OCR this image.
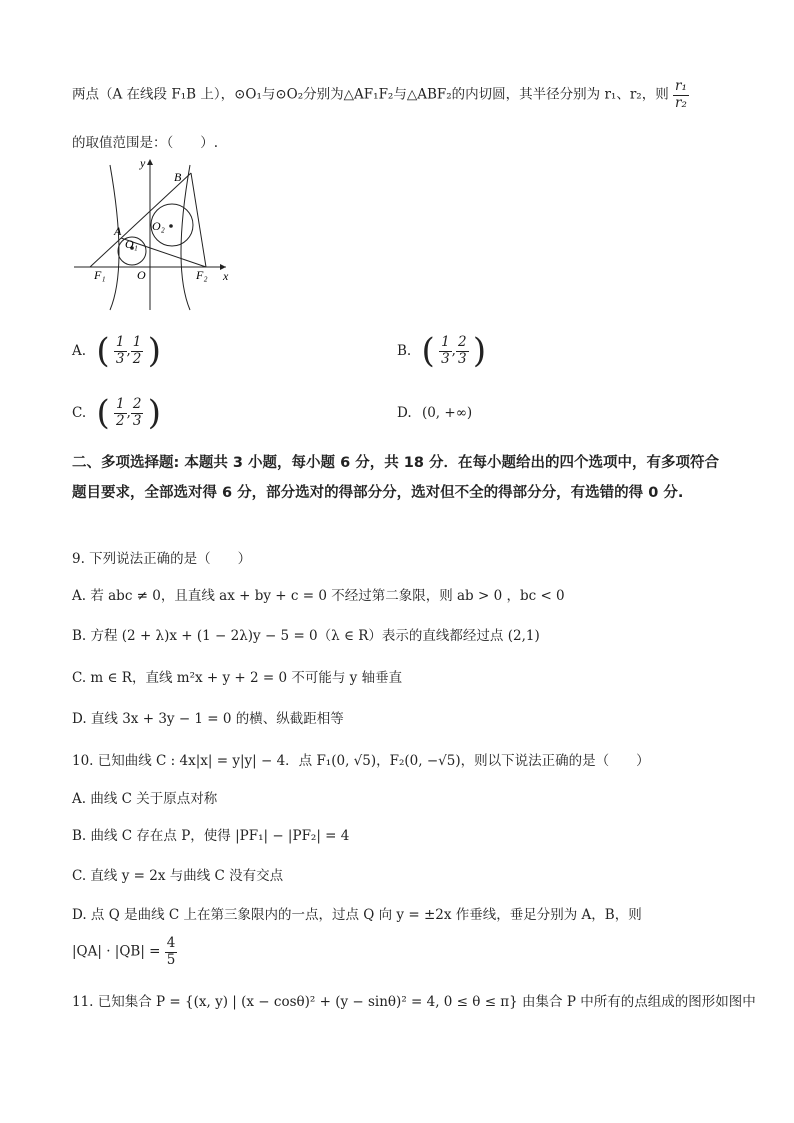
两点（A 在线段 F₁B 上），⊙O₁与⊙O₂分别为△AF₁F₂与△ABF₂的内切圆，其半径分别为 r₁、r₂，则 $\frac{\text{r₁}}{\text{r₂}}$
的取值范围是：（　　）.
y
x
B
A	O₂
O₁
O
F₁	F₂
A. ( $\frac{1}{3}$ , $\frac{1}{2}$ )	B. ( $\frac{1}{3}$ , $\frac{2}{3}$ )
C. ( $\frac{1}{2}$ , $\frac{2}{3}$ )	D. (0, +∞)
二、多项选择题: 本题共 3 小题，每小题 6 分，共 18 分．在每小题给出的四个选项中，有多项符合题目要求，全部选对得 6 分，部分选对的得部分分，选对但不全的得部分分，有选错的得 0 分.
9. 下列说法正确的是（　　）
A. 若 abc ≠ 0，且直线 ax + by + c = 0 不经过第二象限，则 ab > 0 ，bc < 0
B. 方程 (2 + λ)x + (1 − 2λ)y − 5 = 0（λ ∈ R）表示的直线都经过点 (2,1)
C. m ∈ R，直线 m²x + y + 2 = 0 不可能与 y 轴垂直
D. 直线 3x + 3y − 1 = 0 的横、纵截距相等
10. 已知曲线 C : 4x|x| = y|y| − 4．点 F₁(0, √5)，F₂(0, −√5)，则以下说法正确的是（　　）
A. 曲线 C 关于原点对称
B. 曲线 C 存在点 P，使得 |PF₁| − |PF₂| = 4
C. 直线 y = 2x 与曲线 C 没有交点
D. 点 Q 是曲线 C 上在第三象限内的一点，过点 Q 向 y = ±2x 作垂线，垂足分别为 A，B，则
$|QA| \cdot |QB| = \frac{4}{5}$
11. 已知集合 P = {(x, y) | (x − cosθ)² + (y − sinθ)² = 4, 0 ≤ θ ≤ π} 由集合 P 中所有的点组成的图形如图中
